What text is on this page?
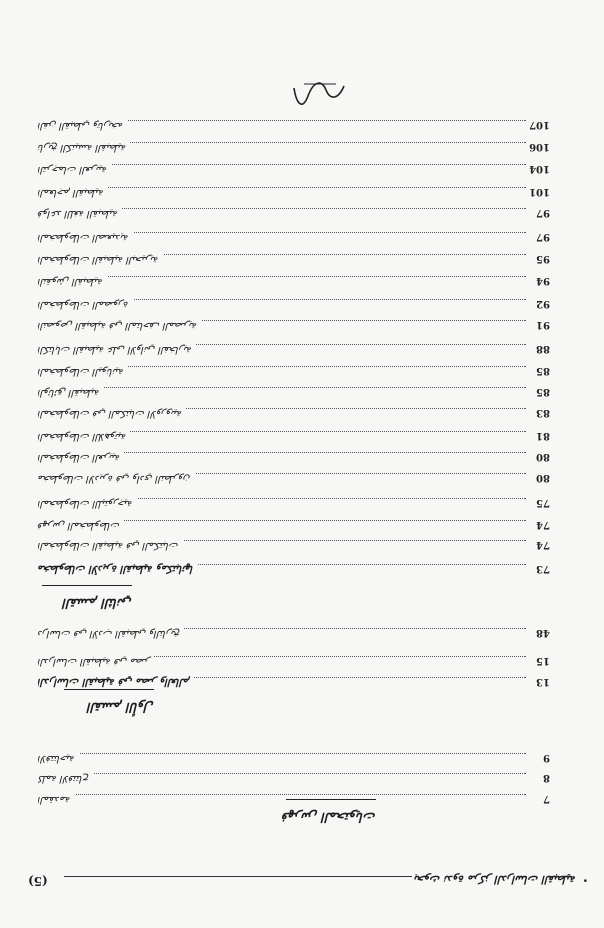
•
بحوث ندوة مركز الدراسات القبطية
(5)
فهرس المحتويات
7
المقدمة
8
كلمة الافتتاح
9
الافتتاحية
القسم الأول
13
الدراسات القبطية في مصر والعالم
15
الدراسات القبطية في مصر
48
دراسات في الأدب القبطي والتاريخ
القسم الثاني
73
مخطوطات الأديرة القبطية ومكتباتها
74
المخطوطات القبطية في المكتبات
74
فهرس المخطوطات
75
المخطوطات الليتورجية
80
مخطوطات الأديرة في وادي النطرون
80
المخطوطات العربية
81
المخطوطات اللاهوتية
83
المخطوطات في المكتبات الأوروبية
85
الوثائق القبطية
85
المخطوطات اليونانية
88
الكتابات القبطية على الأواني الفخارية
91
النصوص القبطية في المتاحف المصرية
92
المخطوطات المصورة
94
النقوش القبطية
95
المخطوطات القبطية البحيرية
97
المخطوطات الصعيدية
97
قواعد اللغة القبطية
101
المعاجم القبطية
104
الترجمات العربية
106
تاريخ الكنيسة القبطية
107
الفن القبطي وتاريخه
